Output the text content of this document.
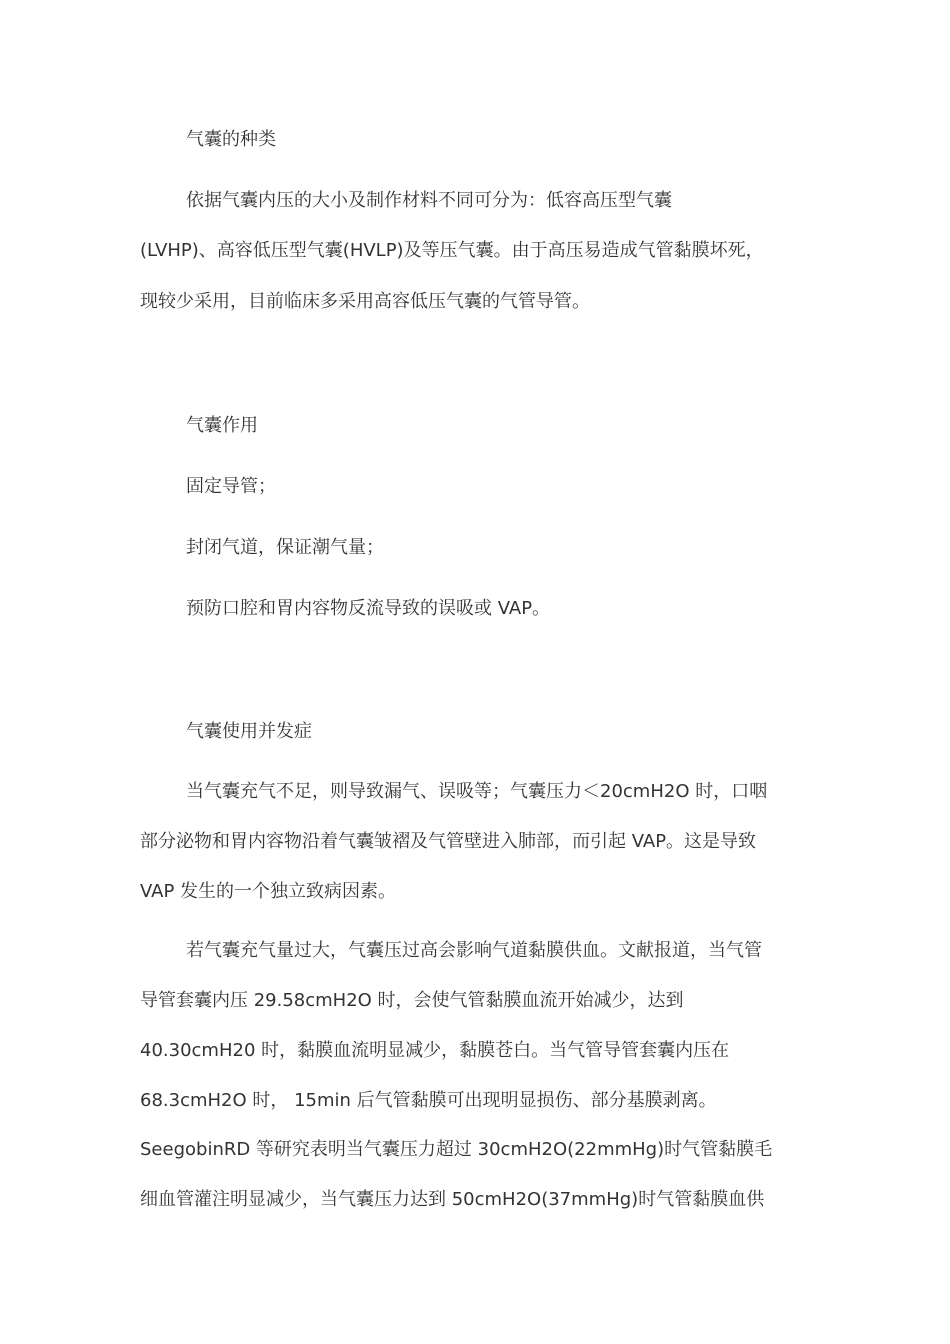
气囊的种类
依据气囊内压的大小及制作材料不同可分为：低容高压型气囊
(LVHP)、高容低压型气囊(HVLP)及等压气囊。由于高压易造成气管黏膜坏死，
现较少采用，目前临床多采用高容低压气囊的气管导管。
气囊作用
固定导管；
封闭气道，保证潮气量；
预防口腔和胃内容物反流导致的误吸或 VAP。
气囊使用并发症
当气囊充气不足，则导致漏气、误吸等；气囊压力＜20cmH2O 时，口咽
部分泌物和胃内容物沿着气囊皱褶及气管壁进入肺部，而引起 VAP。这是导致
VAP 发生的一个独立致病因素。
若气囊充气量过大，气囊压过高会影响气道黏膜供血。文献报道，当气管
导管套囊内压 29.58cmH2O 时，会使气管黏膜血流开始减少，达到
40.30cmH20 时，黏膜血流明显减少，黏膜苍白。当气管导管套囊内压在
68.3cmH2O 时， 15min 后气管黏膜可出现明显损伤、部分基膜剥离。
SeegobinRD 等研究表明当气囊压力超过 30cmH2O(22mmHg)时气管黏膜毛
细血管灌注明显减少，当气囊压力达到 50cmH2O(37mmHg)时气管黏膜血供
